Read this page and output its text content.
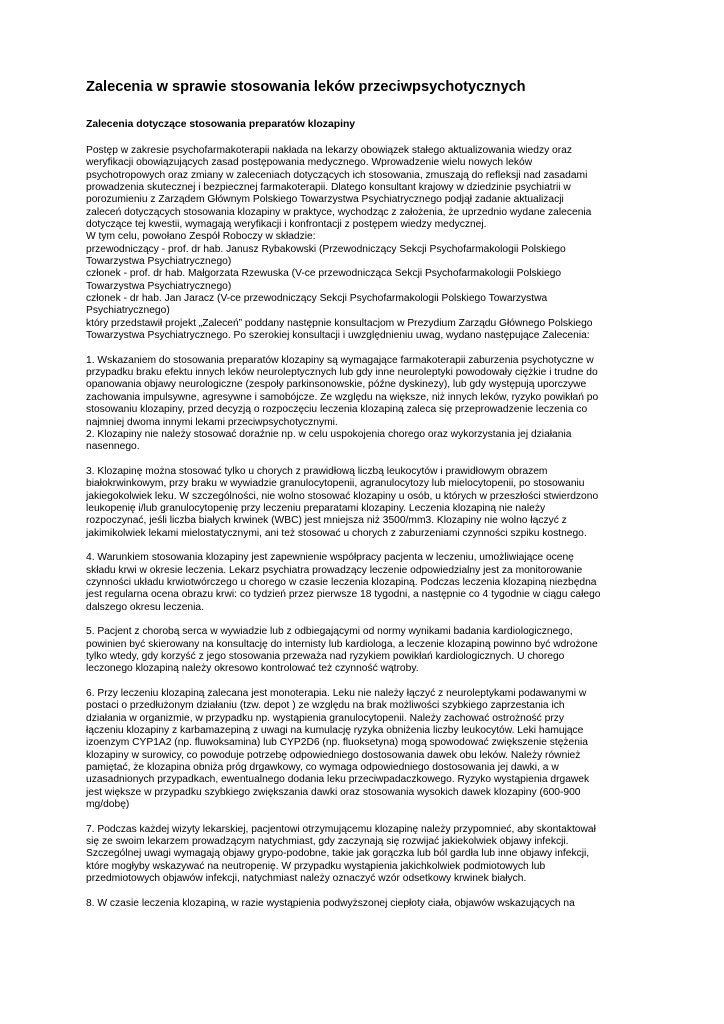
Zalecenia w sprawie stosowania leków przeciwpsychotycznych
Zalecenia dotyczące stosowania preparatów klozapiny
Postęp w zakresie psychofarmakoterapii nakłada na lekarzy obowiązek stałego aktualizowania wiedzy oraz
weryfikacji obowiązujących zasad postępowania medycznego. Wprowadzenie wielu nowych leków
psychotropowych oraz zmiany w zaleceniach dotyczących ich stosowania, zmuszają do refleksji nad zasadami
prowadzenia skutecznej i bezpiecznej farmakoterapii. Dlatego konsultant krajowy w dziedzinie psychiatrii w
porozumieniu z Zarządem Głównym Polskiego Towarzystwa Psychiatrycznego podjął zadanie aktualizacji
zaleceń dotyczących stosowania klozapiny w praktyce, wychodząc z założenia, że uprzednio wydane zalecenia
dotyczące tej kwestii, wymagają weryfikacji i konfrontacji z postępem wiedzy medycznej.
W tym celu, powołano Zespół Roboczy w składzie:
przewodniczący - prof. dr hab. Janusz Rybakowski (Przewodniczący Sekcji Psychofarmakologii Polskiego
Towarzystwa Psychiatrycznego)
członek - prof. dr hab. Małgorzata Rzewuska (V-ce przewodnicząca Sekcji Psychofarmakologii Polskiego
Towarzystwa Psychiatrycznego)
członek - dr hab. Jan Jaracz (V-ce przewodniczący Sekcji Psychofarmakologii Polskiego Towarzystwa
Psychiatrycznego)
który przedstawił projekt „Zaleceń” poddany następnie konsultacjom w Prezydium Zarządu Głównego Polskiego
Towarzystwa Psychiatrycznego. Po szerokiej konsultacji i uwzględnieniu uwag, wydano następujące Zalecenia:
1. Wskazaniem do stosowania preparatów klozapiny są wymagające farmakoterapii zaburzenia psychotyczne w
przypadku braku efektu innych leków neuroleptycznych lub gdy inne neuroleptyki powodowały ciężkie i trudne do
opanowania objawy neurologiczne (zespoły parkinsonowskie, późne dyskinezy), lub gdy występują uporczywe
zachowania impulsywne, agresywne i samobójcze. Ze względu na większe, niż innych leków, ryzyko powikłań po
stosowaniu klozapiny, przed decyzją o rozpoczęciu leczenia klozapiną zaleca się przeprowadzenie leczenia co
najmniej dwoma innymi lekami przeciwpsychotycznymi.
2. Klozapiny nie należy stosować doraźnie np. w celu uspokojenia chorego oraz wykorzystania jej działania
nasennego.
3. Klozapinę można stosować tylko u chorych z prawidłową liczbą leukocytów i prawidłowym obrazem
białokrwinkowym, przy braku w wywiadzie granulocytopenii, agranulocytozy lub mielocytopenii, po stosowaniu
jakiegokolwiek leku. W szczególności, nie wolno stosować klozapiny u osób, u których w przeszłości stwierdzono
leukopenię i/lub granulocytopenię przy leczeniu preparatami klozapiny. Leczenia klozapiną nie należy
rozpoczynać, jeśli liczba białych krwinek (WBC) jest mniejsza niż 3500/mm3. Klozapiny nie wolno łączyć z
jakimikolwiek lekami mielostatycznymi, ani też stosować u chorych z zaburzeniami czynności szpiku kostnego.
4. Warunkiem stosowania klozapiny jest zapewnienie współpracy pacjenta w leczeniu, umożliwiające ocenę
składu krwi w okresie leczenia. Lekarz psychiatra prowadzący leczenie odpowiedzialny jest za monitorowanie
czynności układu krwiotwórczego u chorego w czasie leczenia klozapiną. Podczas leczenia klozapiną niezbędna
jest regularna ocena obrazu krwi: co tydzień przez pierwsze 18 tygodni, a następnie co 4 tygodnie w ciągu całego
dalszego okresu leczenia.
5. Pacjent z chorobą serca w wywiadzie lub z odbiegającymi od normy wynikami badania kardiologicznego,
powinien być skierowany na konsultację do internisty lub kardiologa, a leczenie klozapiną powinno być wdrożone
tylko wtedy, gdy korzyść z jego stosowania przeważa nad ryzykiem powikłań kardiologicznych. U chorego
leczonego klozapiną należy okresowo kontrolować też czynność wątroby.
6. Przy leczeniu klozapiną zalecana jest monoterapia. Leku nie należy łączyć z neuroleptykami podawanymi w
postaci o przedłużonym działaniu (tzw. depot ) ze względu na brak możliwości szybkiego zaprzestania ich
działania w organizmie, w przypadku np. wystąpienia granulocytopenii. Należy zachować ostrożność przy
łączeniu klozapiny z karbamazepiną z uwagi na kumulację ryzyka obniżenia liczby leukocytów. Leki hamujące
izoenzym CYP1A2 (np. fluwoksamina) lub CYP2D6 (np. fluoksetyna) mogą spowodować zwiększenie stężenia
klozapiny w surowicy, co powoduje potrzebę odpowiedniego dostosowania dawek obu leków. Należy również
pamiętać, że klozapina obniża próg drgawkowy, co wymaga odpowiedniego dostosowania jej dawki, a w
uzasadnionych przypadkach, ewentualnego dodania leku przeciwpadaczkowego. Ryzyko wystąpienia drgawek
jest większe w przypadku szybkiego zwiększania dawki oraz stosowania wysokich dawek klozapiny (600-900
mg/dobę)
7. Podczas każdej wizyty lekarskiej, pacjentowi otrzymującemu klozapinę należy przypomnieć, aby skontaktował
się ze swoim lekarzem prowadzącym natychmiast, gdy zaczynają się rozwijać jakiekolwiek objawy infekcji.
Szczególnej uwagi wymagają objawy grypo-podobne, takie jak gorączka lub ból gardła lub inne objawy infekcji,
które mogłyby wskazywać na neutropenię. W przypadku wystąpienia jakichkolwiek podmiotowych lub
przedmiotowych objawów infekcji, natychmiast należy oznaczyć wzór odsetkowy krwinek białych.
8. W czasie leczenia klozapiną, w razie wystąpienia podwyższonej ciepłoty ciała, objawów wskazujących na
